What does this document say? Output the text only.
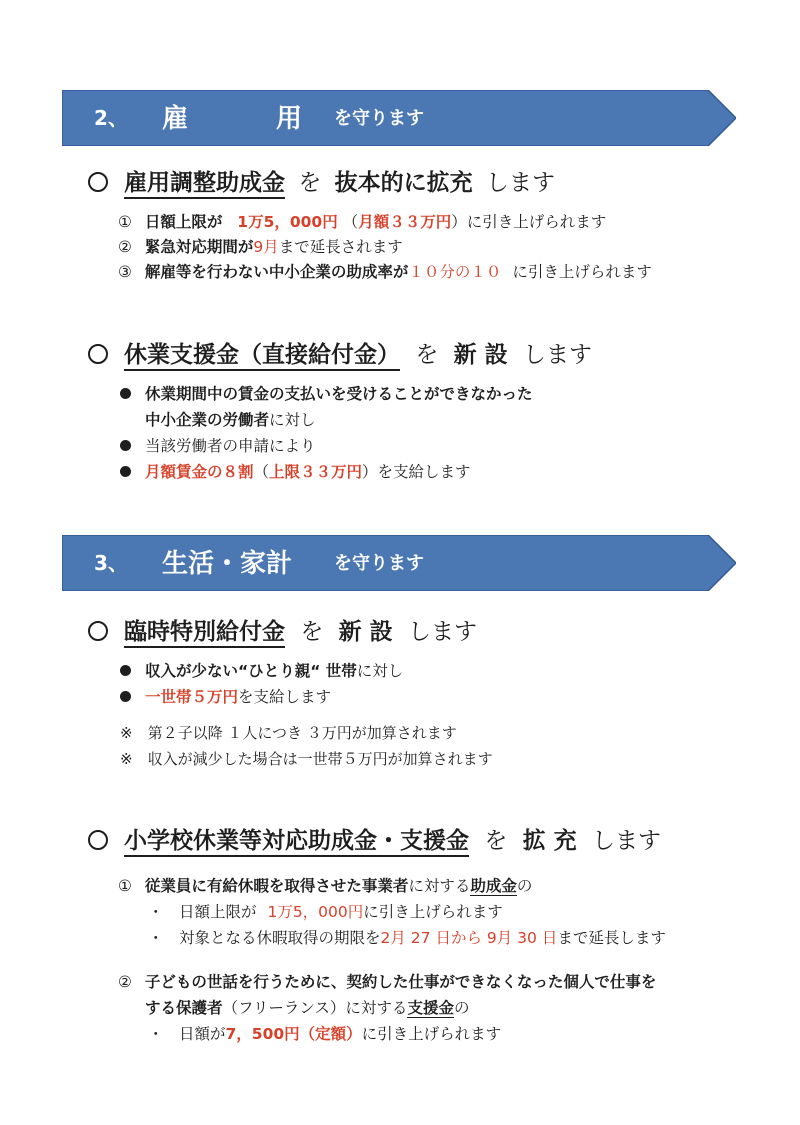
2、 雇	用 を守ります
雇用調整助成金 を 抜本的に拡充 します
① 日額上限が 1万5，000円 （月額３３万円）に引き上げられます
② 緊急対応期間が9月まで延長されます
③ 解雇等を行わない中小企業の助成率が１０分の１０ に引き上げられます
休業支援金（直接給付金） を 新 設 します
休業期間中の賃金の支払いを受けることができなかった
中小企業の労働者に対し
当該労働者の申請により
月額賃金の８割（上限３３万円）を支給します
3、 生活・家計 を守ります
臨時特別給付金 を 新 設 します
収入が少ない“ひとり親“ 世帯に対し
一世帯５万円を支給します
※　第２子以降 １人につき ３万円が加算されます
※　収入が減少した場合は一世帯５万円が加算されます
小学校休業等対応助成金・支援金 を 拡 充 します
① 従業員に有給休暇を取得させた事業者に対する助成金の
・　日額上限が 1万5，000円に引き上げられます
・　対象となる休暇取得の期限を2月 27 日から 9月 30 日まで延長します
② 子どもの世話を行うために、契約した仕事ができなくなった個人で仕事を
する保護者（フリーランス）に対する支援金の
・　日額が7，500円（定額）に引き上げられます
